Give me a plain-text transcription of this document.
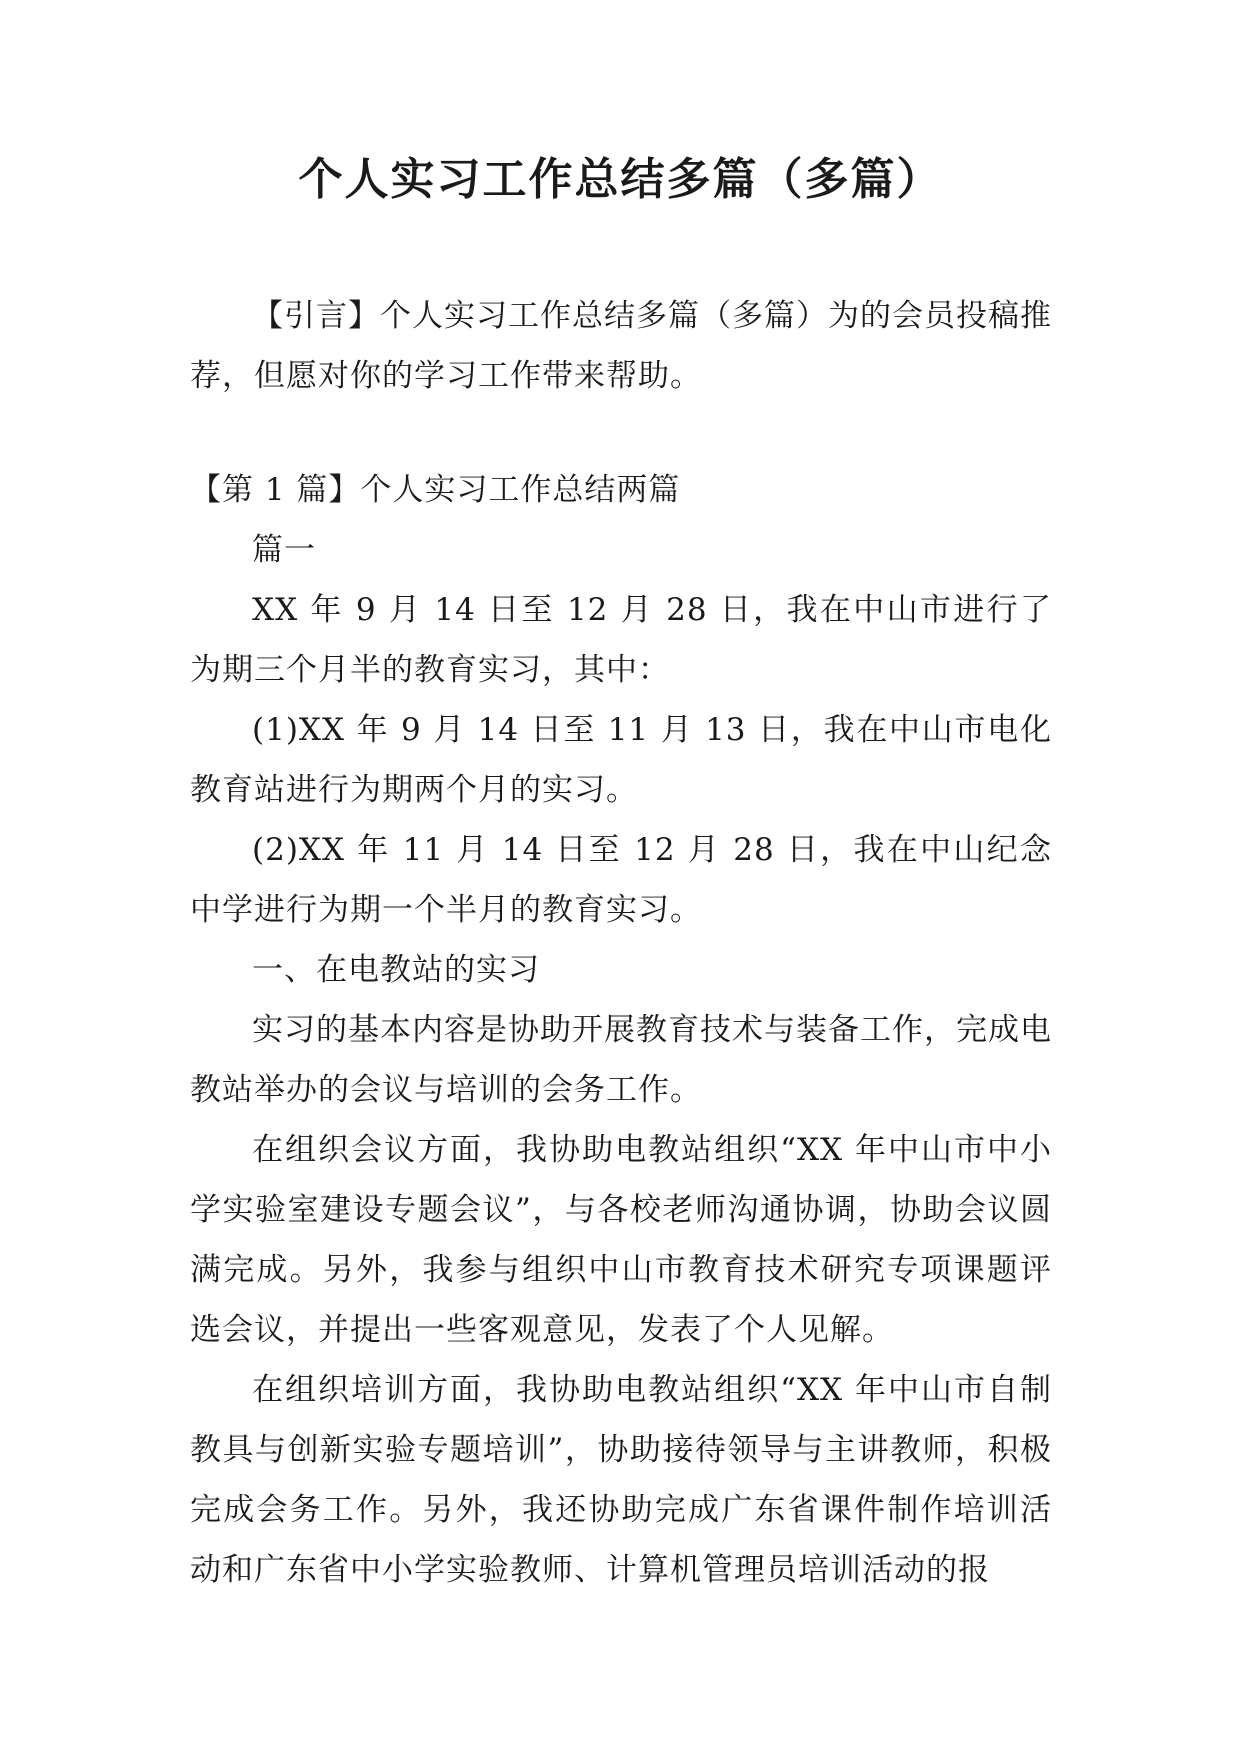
个人实习工作总结多篇（多篇）

【引言】个人实习工作总结多篇（多篇）为的会员投稿推荐，但愿对你的学习工作带来帮助。

【第 1 篇】个人实习工作总结两篇

篇一

XX 年 9 月 14 日至 12 月 28 日，我在中山市进行了为期三个月半的教育实习，其中：

(1)XX 年 9 月 14 日至 11 月 13 日，我在中山市电化教育站进行为期两个月的实习。

(2)XX 年 11 月 14 日至 12 月 28 日，我在中山纪念中学进行为期一个半月的教育实习。

一、在电教站的实习

实习的基本内容是协助开展教育技术与装备工作，完成电教站举办的会议与培训的会务工作。

在组织会议方面，我协助电教站组织“XX 年中山市中小学实验室建设专题会议”，与各校老师沟通协调，协助会议圆满完成。另外，我参与组织中山市教育技术研究专项课题评选会议，并提出一些客观意见，发表了个人见解。

在组织培训方面，我协助电教站组织“XX 年中山市自制教具与创新实验专题培训”，协助接待领导与主讲教师，积极完成会务工作。另外，我还协助完成广东省课件制作培训活动和广东省中小学实验教师、计算机管理员培训活动的报
